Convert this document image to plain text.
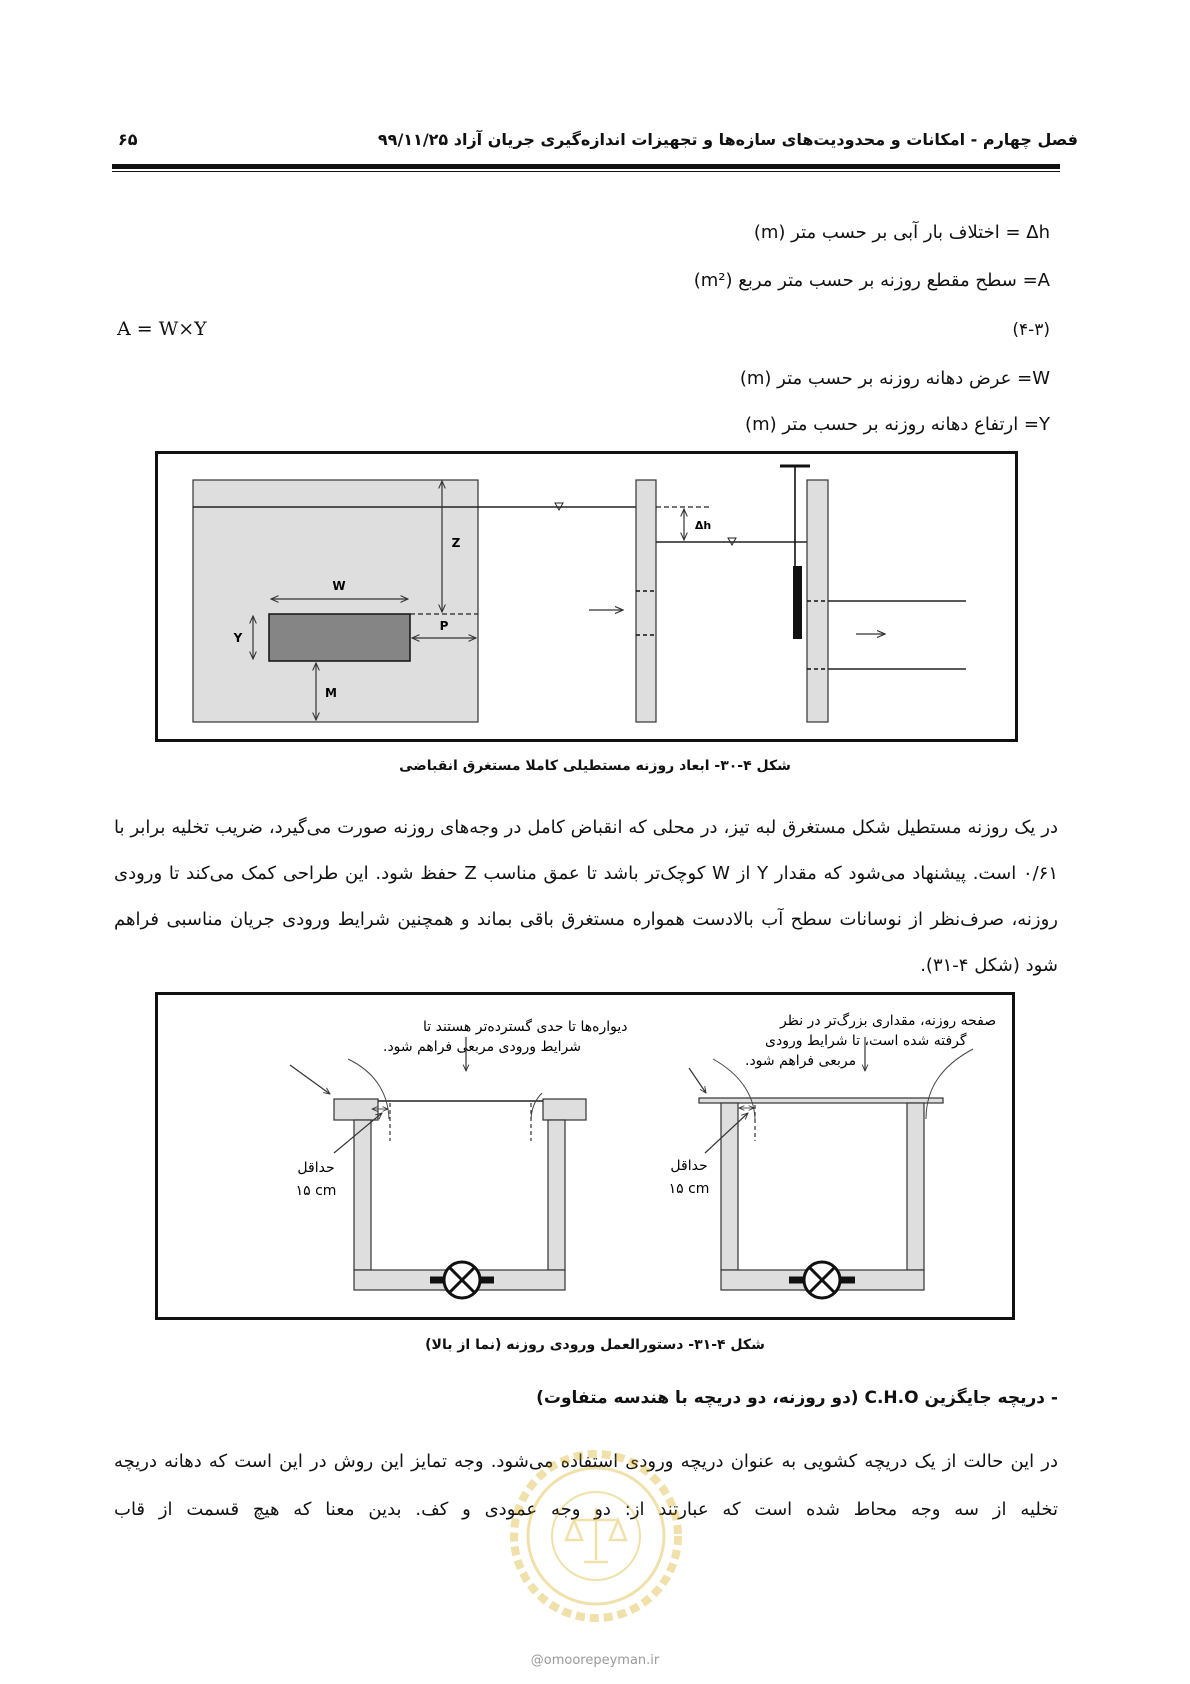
فصل چهارم - امکانات و محدودیت‌های سازه‌ها و تجهیزات اندازه‌گیری جریان آزاد ۹۹/۱۱/۲۵
۶۵
Δh = اختلاف بار آبی بر حسب متر (m)
A= سطح مقطع روزنه بر حسب متر مربع (m²)
A = W×Y	(۴-۳)
W= عرض دهانه روزنه بر حسب متر (m)
Y= ارتفاع دهانه روزنه بر حسب متر (m)
W
Z
Y
P
M
Δh
شکل ۴-۳۰- ابعاد روزنه مستطیلی کاملا مستغرق انقباضی
در یک روزنه مستطیل شکل مستغرق لبه تیز، در محلی که انقباض کامل در وجه‌های روزنه صورت می‌گیرد، ضریب تخلیه برابر با ۰/۶۱ است. پیشنهاد می‌شود که مقدار Y از W کوچک‌تر باشد تا عمق مناسب Z حفظ شود. این طراحی کمک می‌کند تا ورودی روزنه، صرف‌نظر از نوسانات سطح آب بالادست همواره مستغرق باقی بماند و همچنین شرایط ورودی جریان مناسبی فراهم شود (شکل ۴-۳۱).
دیواره‌ها تا حدی گسترده‌تر هستند تا
شرایط ورودی مربعی فراهم شود.
حداقل
۱۵ cm
صفحه روزنه، مقداری بزرگ‌تر در نظر
گرفته شده است، تا شرایط ورودی
مربعی فراهم شود.
حداقل
۱۵ cm
شکل ۴-۳۱- دستورالعمل ورودی روزنه (نما از بالا)
- دریچه جایگزین C.H.O (دو روزنه، دو دریچه با هندسه متفاوت)
در این حالت از یک دریچه کشویی به عنوان دریچه ورودی استفاده می‌شود. وجه تمایز این روش در این است که دهانه دریچه تخلیه از سه وجه محاط شده است که عبارتند از: دو وجه عمودی و کف. بدین معنا که هیچ قسمت از قاب
@omoorepeyman.ir
